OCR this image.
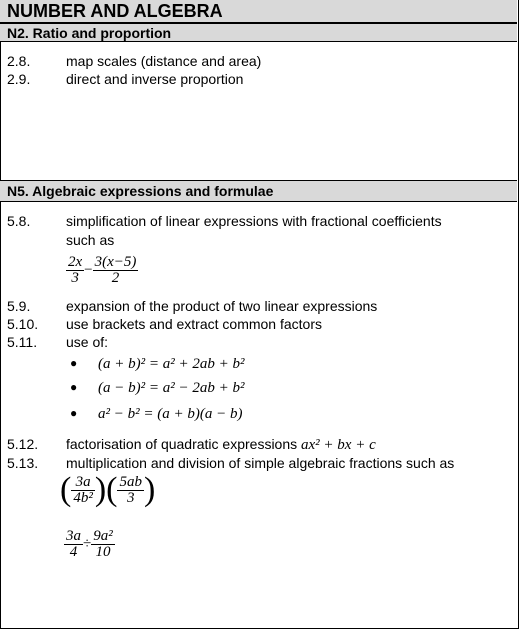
NUMBER AND ALGEBRA
N2. Ratio and proportion
2.8.	map scales (distance and area)
2.9.	direct and inverse proportion
N5. Algebraic expressions and formulae
5.8.	simplification of linear expressions with fractional coefficients
such as
$\frac{2x}{3} - \frac{3(x-5)}{2}$
5.9.	expansion of the product of two linear expressions
5.10. use brackets and extract common factors
5.11. use of:
● (a + b)² = a² + 2ab + b²
● (a − b)² = a² − 2ab + b²
● a² − b² = (a + b)(a − b)
5.12. factorisation of quadratic expressions ax² + bx + c
5.13. multiplication and division of simple algebraic fractions such as
( $\frac{3a}{\text{4b²}}$ )( $\frac{5ab}{3}$ )
$\frac{3a}{4} \div \frac{\text{9a²}}{10}$
